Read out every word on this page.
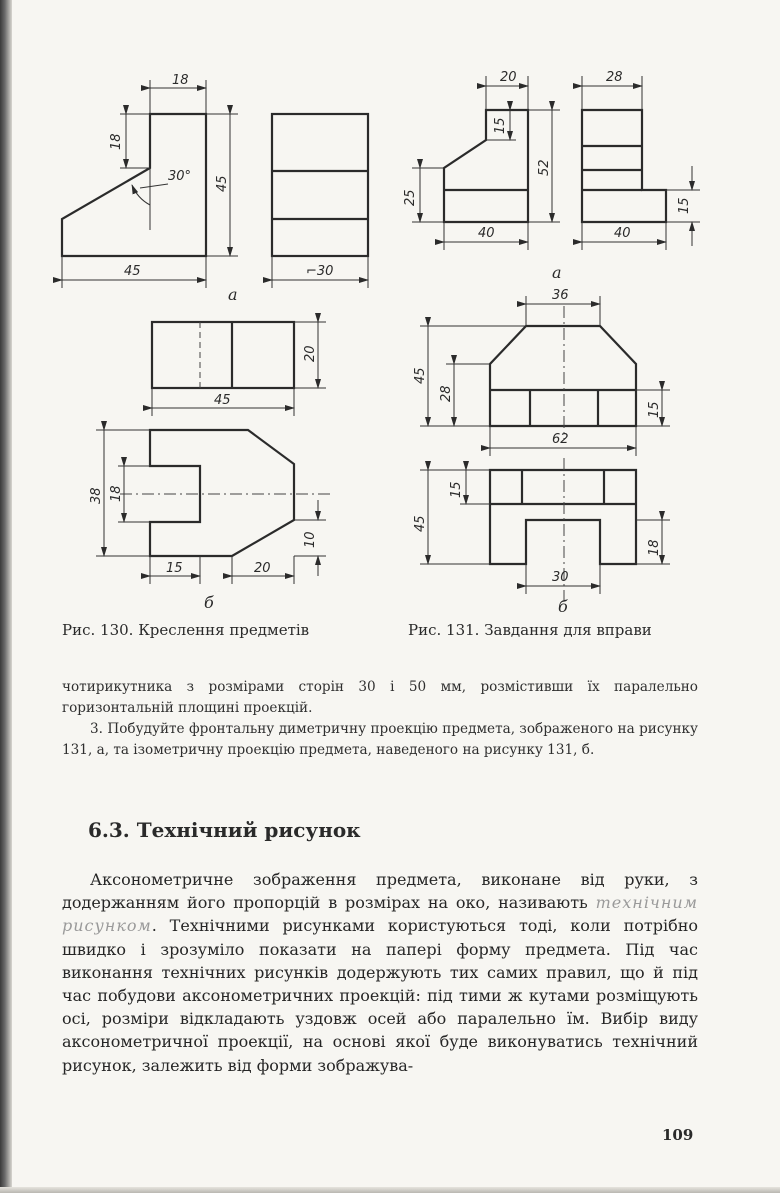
18
18
30° 45
45	⌐30
а
20
45
38 18
10
15	20
б
20
15
52
25
40
28
40
15
а
36
45
28
15
62
15
45
18
30
б
Рис. 130. Креслення предметів	Рис. 131. Завдання для вправи

чотирикутника з розмірами сторін 30 і 50 мм, розмістивши їх паралельно горизонтальній площині проекцій.

3. Побудуйте фронтальну диметричну проекцію предмета, зображеного на рисунку 131, а, та ізометричну проекцію предмета, наведеного на рисунку 131, б.

6.3. Технічний рисунок

Аксонометричне зображення предмета, виконане від руки, з додержанням його пропорцій в розмірах на око, називають технічним рисунком. Технічними рисунками користуються тоді, коли потрібно швидко і зрозуміло показати на папері форму предмета. Під час виконання технічних рисунків додержують тих самих правил, що й під час побудови аксонометричних проекцій: під тими ж кутами розміщують осі, розміри відкладають уздовж осей або паралельно їм. Вибір виду аксонометричної проекції, на основі якої буде виконуватись технічний рисунок, залежить від форми зображува-

109
